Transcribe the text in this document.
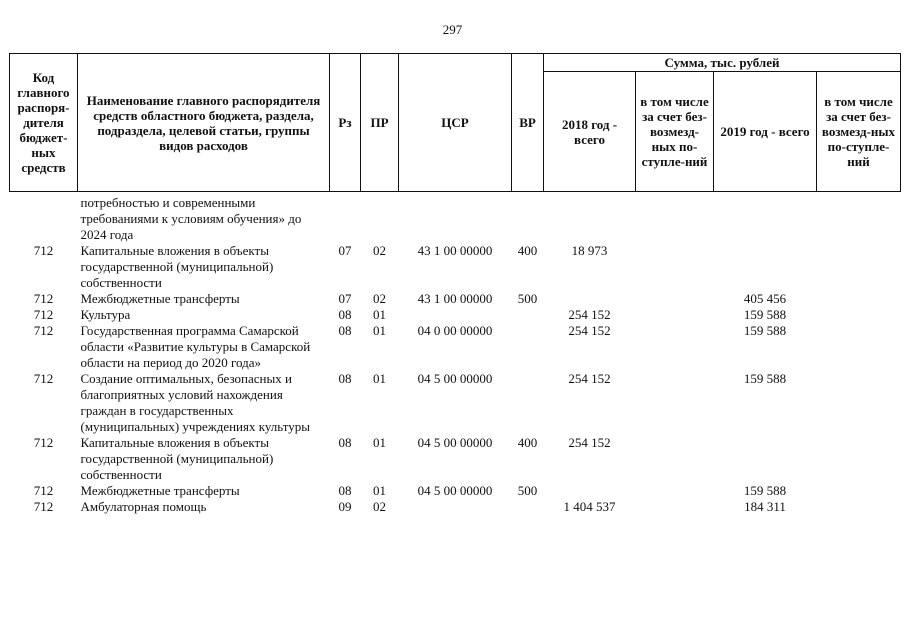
297
Код главного распоря-дителя бюджет-ных средств	Наименование главного распорядителя средств областного бюджета, раздела, подраздела, целевой статьи, группы видов расходов	Рз	ПР	ЦСР	ВР	Сумма, тыс. рублей			
						2018 год - всего	в том числе за счет без-возмезд-ных по-ступле-ний	2019 год - всего	в том числе за счет без-возмезд-ных по-ступле-ний
	потребностью и современными требованиями к условиям обучения» до 2024 года								
712	Капитальные вложения в объекты государственной (муниципальной) собственности	07	02	43 1 00 00000	400	18 973			
712	Межбюджетные трансферты	07	02	43 1 00 00000	500			405 456	
712	Культура	08	01			254 152		159 588	
712	Государственная программа Самарской области «Развитие культуры в Самарской области на период до 2020 года»	08	01	04 0 00 00000		254 152		159 588	
712	Создание оптимальных, безопасных и благоприятных условий нахождения граждан в государственных (муниципальных) учреждениях культуры	08	01	04 5 00 00000		254 152		159 588	
712	Капитальные вложения в объекты государственной (муниципальной) собственности	08	01	04 5 00 00000	400	254 152			
712	Межбюджетные трансферты	08	01	04 5 00 00000	500			159 588	
712	Амбулаторная помощь	09	02			1 404 537		184 311	
